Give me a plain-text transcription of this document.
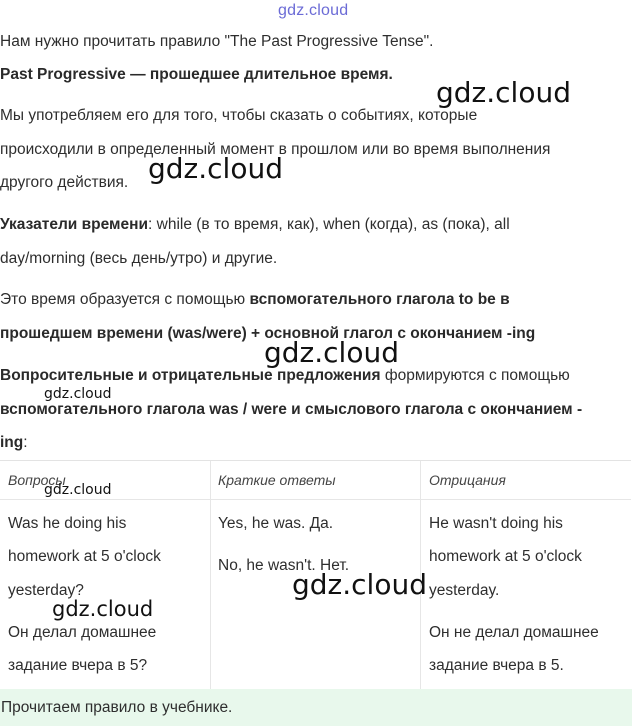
gdz.cloud
Нам нужно прочитать правило "The Past Progressive Tense".
Past Progressive — прошедшее длительное время.
Мы употребляем его для того, чтобы сказать о событиях, которые
происходили в определенный момент в прошлом или во время выполнения
другого действия.
Указатели времени: while (в то время, как), when (когда), as (пока), all
day/morning (весь день/утро) и другие.
Это время образуется с помощью вспомогательного глагола to be в
прошедшем времени (was/were) + основной глагол с окончанием -ing
Вопросительные и отрицательные предложения формируются с помощью
вспомогательного глагола was / were и смыслового глагола с окончанием -
ing:
Вопросы	Краткие ответы	Отрицания
Was he doing his
homework at 5 o'clock
yesterday?
Он делал домашнее
задание вчера в 5?
Yes, he was. Да.
No, he wasn't. Нет.
He wasn't doing his
homework at 5 o'clock
yesterday.
Он не делал домашнее
задание вчера в 5.
Прочитаем правило в учебнике.
gdz.cloud
gdz.cloud
gdz.cloud
gdz.cloud
gdz.cloud
gdz.cloud
gdz.cloud
